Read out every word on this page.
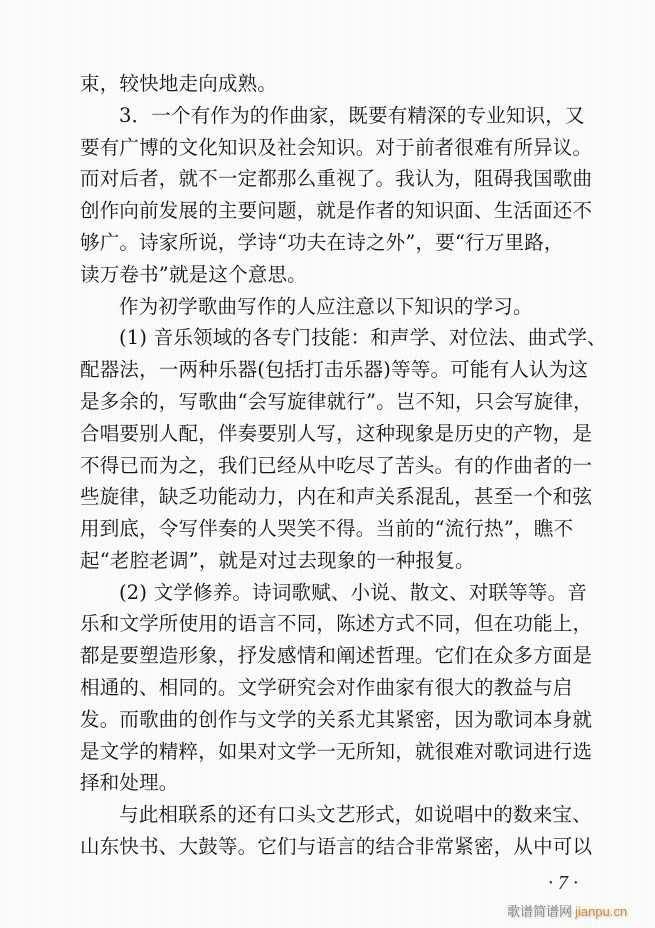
束，较快地走向成熟。
3．一个有作为的作曲家，既要有精深的专业知识，又
要有广博的文化知识及社会知识。对于前者很难有所异议。
而对后者，就不一定都那么重视了。我认为，阻碍我国歌曲
创作向前发展的主要问题，就是作者的知识面、生活面还不
够广。诗家所说，学诗“功夫在诗之外”，要“行万里路，
读万卷书”就是这个意思。
作为初学歌曲写作的人应注意以下知识的学习。
(1) 音乐领域的各专门技能：和声学、对位法、曲式学、
配器法，一两种乐器(包括打击乐器)等等。可能有人认为这
是多余的，写歌曲“会写旋律就行”。岂不知，只会写旋律，
合唱要别人配，伴奏要别人写，这种现象是历史的产物，是
不得已而为之，我们已经从中吃尽了苦头。有的作曲者的一
些旋律，缺乏功能动力，内在和声关系混乱，甚至一个和弦
用到底，令写伴奏的人哭笑不得。当前的“流行热”，瞧不
起“老腔老调”，就是对过去现象的一种报复。
(2) 文学修养。诗词歌赋、小说、散文、对联等等。音
乐和文学所使用的语言不同，陈述方式不同，但在功能上，
都是要塑造形象，抒发感情和阐述哲理。它们在众多方面是
相通的、相同的。文学研究会对作曲家有很大的教益与启
发。而歌曲的创作与文学的关系尤其紧密，因为歌词本身就
是文学的精粹，如果对文学一无所知，就很难对歌词进行选
择和处理。
与此相联系的还有口头文艺形式，如说唱中的数来宝、
山东快书、大鼓等。它们与语言的结合非常紧密，从中可以
· 7 ·
歌谱简谱网 jianpu.cn
